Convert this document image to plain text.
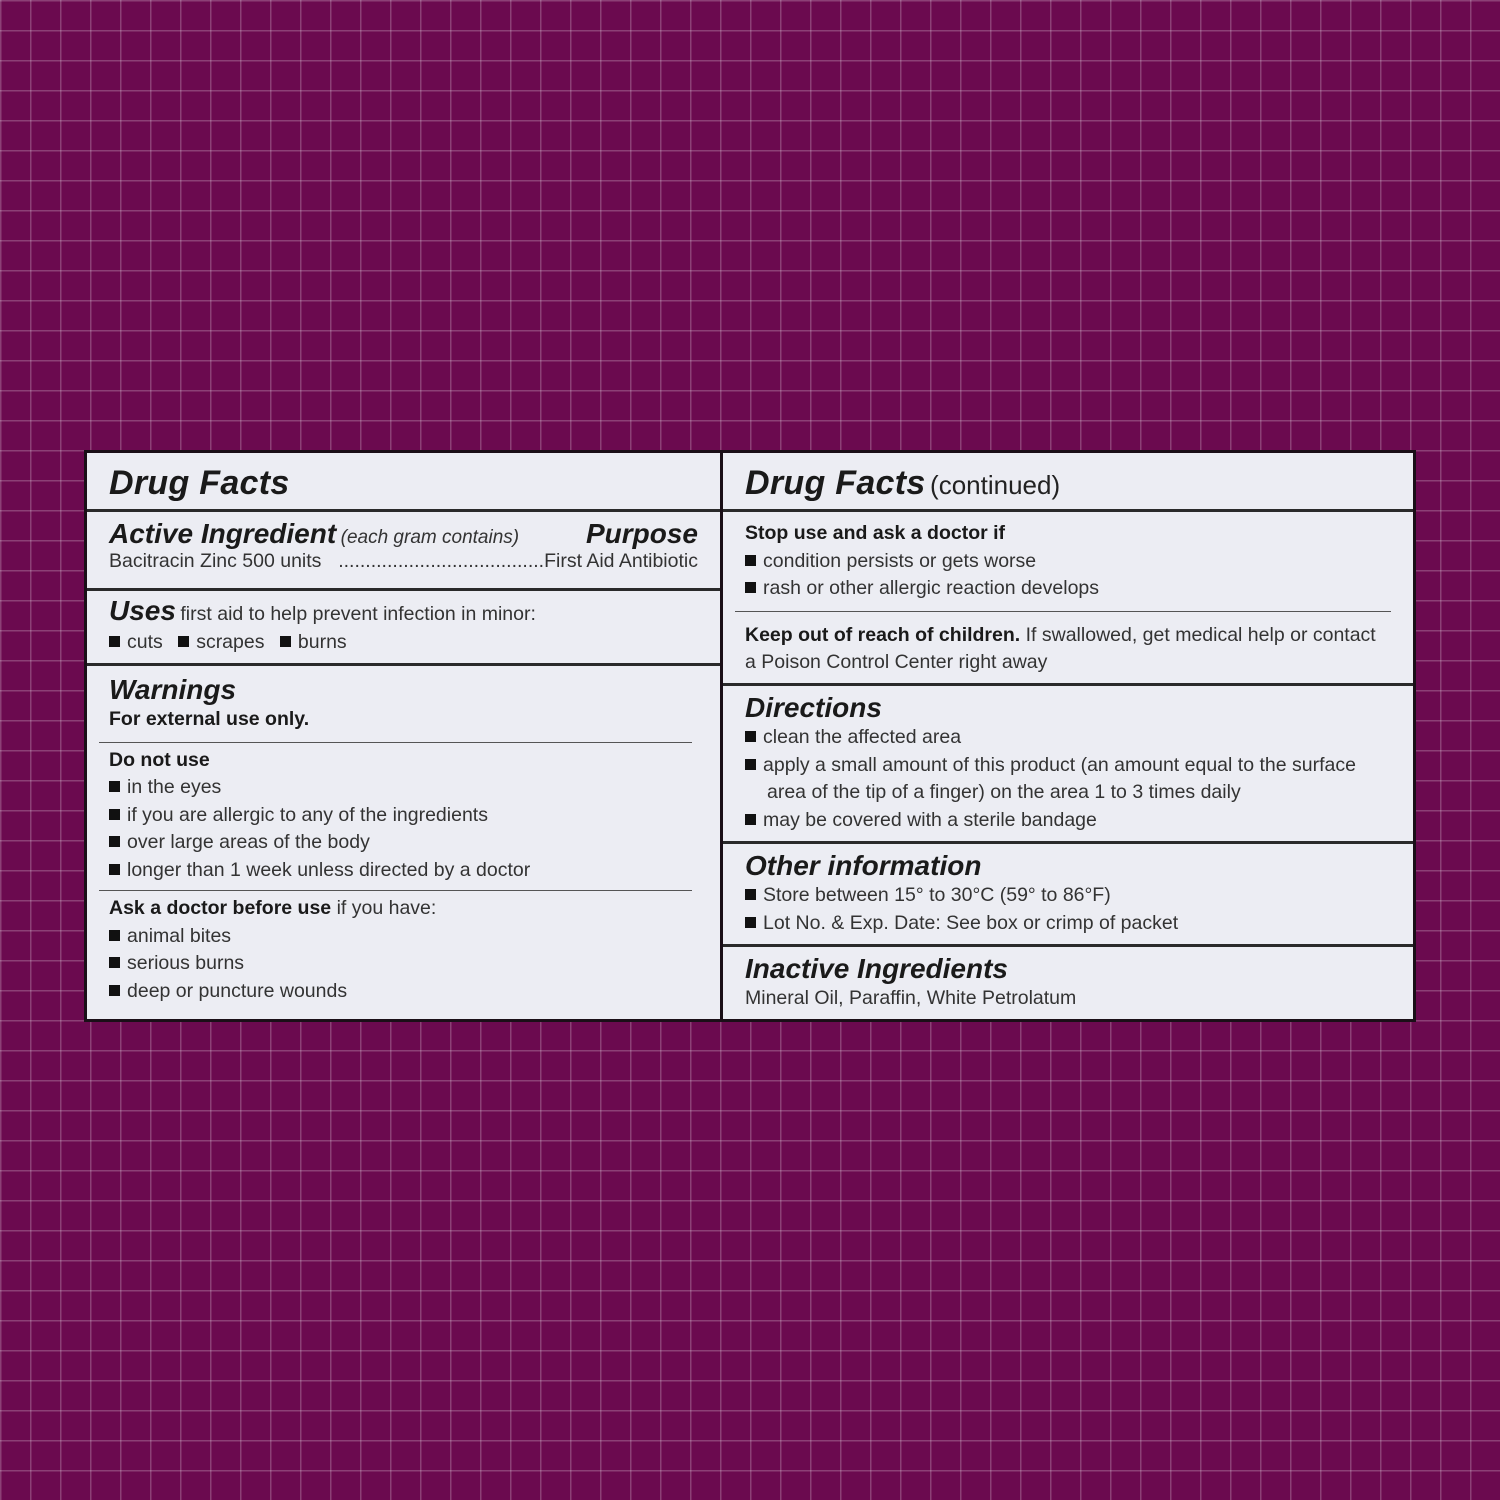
Drug Facts
Active Ingredient (each gram contains) Purpose
Bacitracin Zinc 500 units ......................................First Aid Antibiotic
Uses first aid to help prevent infection in minor:
cuts scrapes burns
Warnings
For external use only.
Do not use
in the eyes
if you are allergic to any of the ingredients
over large areas of the body
longer than 1 week unless directed by a doctor
Ask a doctor before use if you have:
animal bites
serious burns
deep or puncture wounds
Drug Facts (continued)
Stop use and ask a doctor if
condition persists or gets worse
rash or other allergic reaction develops
Keep out of reach of children. If swallowed, get medical help or contact
a Poison Control Center right away
Directions
clean the affected area
apply a small amount of this product (an amount equal to the surface
area of the tip of a finger) on the area 1 to 3 times daily
may be covered with a sterile bandage
Other information
Store between 15° to 30°C (59° to 86°F)
Lot No. & Exp. Date: See box or crimp of packet
Inactive Ingredients
Mineral Oil, Paraffin, White Petrolatum
